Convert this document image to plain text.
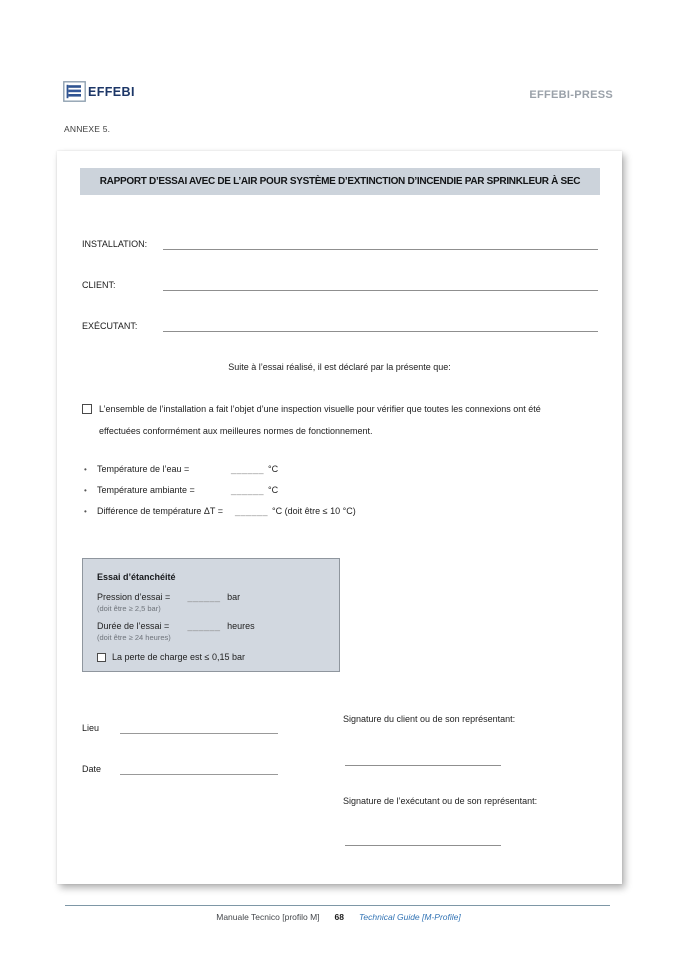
EFFEBI	EFFEBI-PRESS
ANNEXE 5.
RAPPORT D’ESSAI AVEC DE L’AIR POUR SYSTÈME D’EXTINCTION D’INCENDIE PAR SPRINKLEUR À SEC
INSTALLATION:
CLIENT:
EXÉCUTANT:
Suite à l’essai réalisé, il est déclaré par la présente que:
L’ensemble de l’installation a fait l’objet d’une inspection visuelle pour vérifier que toutes les connexions ont été effectuées conformément aux meilleures normes de fonctionnement.
• Température de l’eau =	______ °C
• Température ambiante =	______ °C
• Différence de température ΔT =	______ °C (doit être ≤ 10 °C)
Essai d’étanchéité
Pression d’essai = ______ bar
(doit être ≥ 2,5 bar)
Durée de l’essai = ______ heures
(doit être ≥ 24 heures)
La perte de charge est ≤ 0,15 bar
Lieu
Date
Signature du client ou de son représentant:
Signature de l’exécutant ou de son représentant:
Manuale Tecnico [profilo M] 68 Technical Guide [M-Profile]
